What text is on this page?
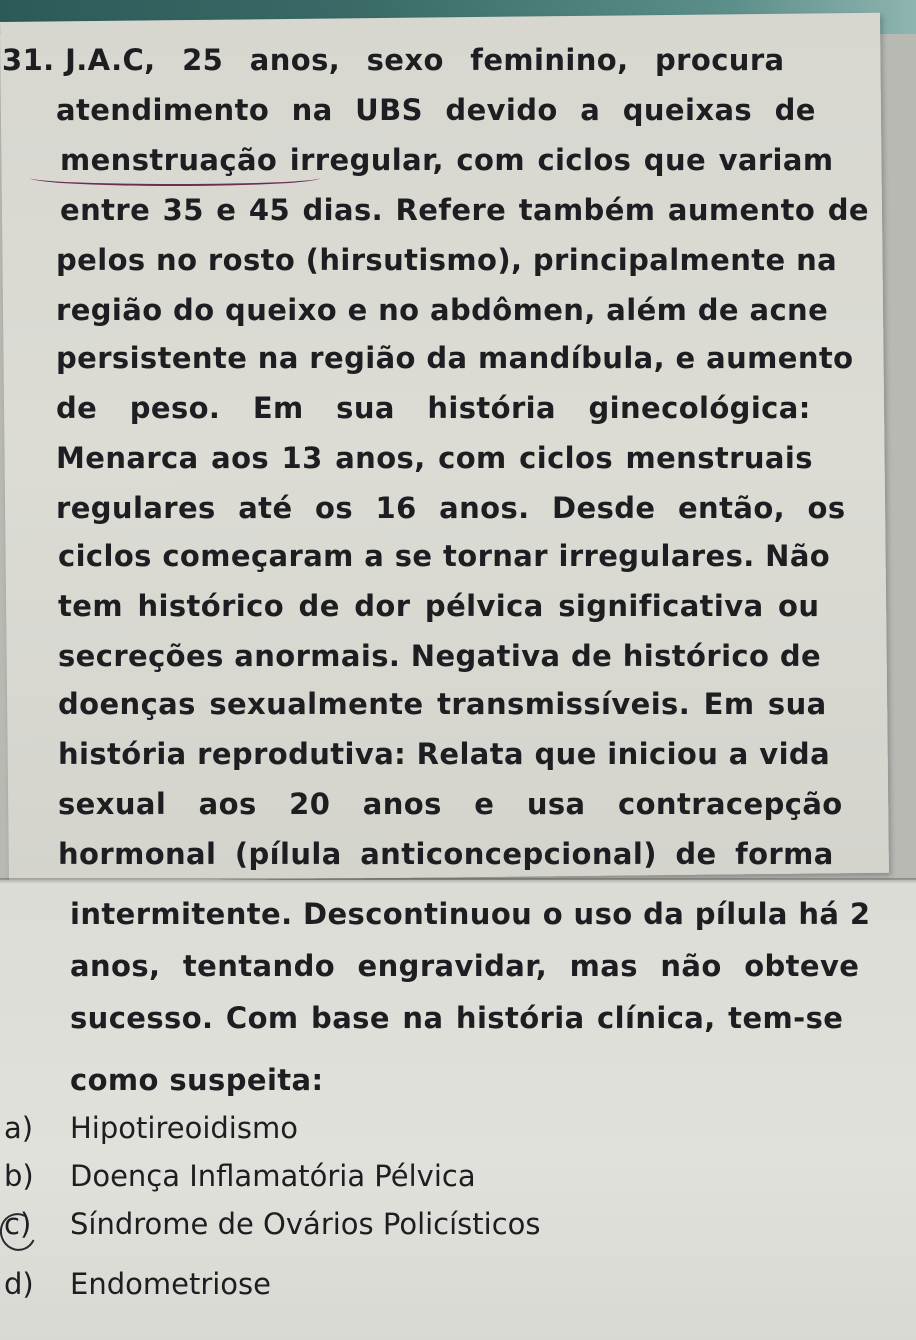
31. J.A.C, 25 anos, sexo feminino, procura
atendimento na UBS devido a queixas de
menstruação irregular, com ciclos que variam
entre 35 e 45 dias. Refere também aumento de
pelos no rosto (hirsutismo), principalmente na
região do queixo e no abdômen, além de acne
persistente na região da mandíbula, e aumento
de peso. Em sua história ginecológica:
Menarca aos 13 anos, com ciclos menstruais
regulares até os 16 anos. Desde então, os
ciclos começaram a se tornar irregulares. Não
tem histórico de dor pélvica significativa ou
secreções anormais. Negativa de histórico de
doenças sexualmente transmissíveis. Em sua
história reprodutiva: Relata que iniciou a vida
sexual aos 20 anos e usa contracepção
hormonal (pílula anticoncepcional) de forma
intermitente. Descontinuou o uso da pílula há 2
anos, tentando engravidar, mas não obteve
sucesso. Com base na história clínica, tem-se
como suspeita:
a) Hipotireoidismo
b) Doença Inflamatória Pélvica
c) Síndrome de Ovários Policísticos
d) Endometriose
